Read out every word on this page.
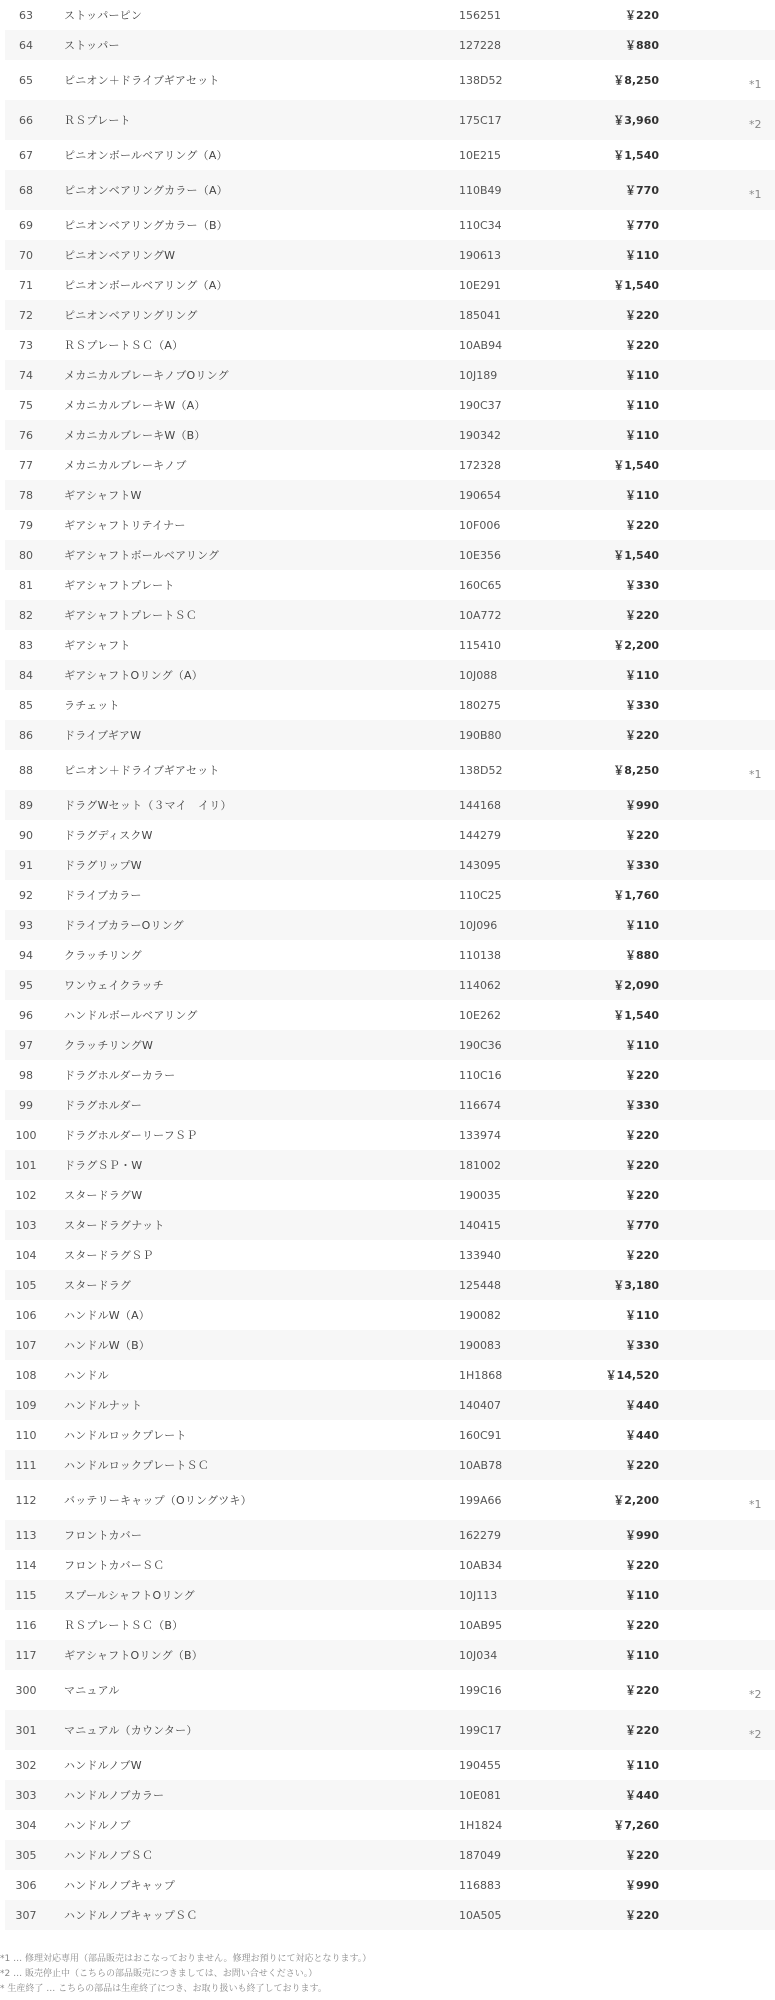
63	ストッパーピン	156251	￥220	
64	ストッパー	127228	￥880	
65	ピニオン＋ドライブギアセット	138D52	￥8,250	*1
66	ＲＳプレート	175C17	￥3,960	*2
67	ピニオンボールベアリング（A）	10E215	￥1,540	
68	ピニオンベアリングカラー（A）	110B49	￥770	*1
69	ピニオンベアリングカラー（B）	110C34	￥770	
70	ピニオンベアリングW	190613	￥110	
71	ピニオンボールベアリング（A）	10E291	￥1,540	
72	ピニオンベアリングリング	185041	￥220	
73	ＲＳプレートＳＣ（A）	10AB94	￥220	
74	メカニカルブレーキノブOリング	10J189	￥110	
75	メカニカルブレーキW（A）	190C37	￥110	
76	メカニカルブレーキW（B）	190342	￥110	
77	メカニカルブレーキノブ	172328	￥1,540	
78	ギアシャフトW	190654	￥110	
79	ギアシャフトリテイナー	10F006	￥220	
80	ギアシャフトボールベアリング	10E356	￥1,540	
81	ギアシャフトプレート	160C65	￥330	
82	ギアシャフトプレートＳＣ	10A772	￥220	
83	ギアシャフト	115410	￥2,200	
84	ギアシャフトOリング（A）	10J088	￥110	
85	ラチェット	180275	￥330	
86	ドライブギアW	190B80	￥220	
88	ピニオン＋ドライブギアセット	138D52	￥8,250	*1
89	ドラグWセット（３マイ　イリ）	144168	￥990	
90	ドラグディスクW	144279	￥220	
91	ドラグリップW	143095	￥330	
92	ドライブカラー	110C25	￥1,760	
93	ドライブカラーOリング	10J096	￥110	
94	クラッチリング	110138	￥880	
95	ワンウェイクラッチ	114062	￥2,090	
96	ハンドルボールベアリング	10E262	￥1,540	
97	クラッチリングW	190C36	￥110	
98	ドラグホルダーカラー	110C16	￥220	
99	ドラグホルダー	116674	￥330	
100	ドラグホルダーリーフＳＰ	133974	￥220	
101	ドラグＳＰ・W	181002	￥220	
102	スタードラグW	190035	￥220	
103	スタードラグナット	140415	￥770	
104	スタードラグＳＰ	133940	￥220	
105	スタードラグ	125448	￥3,180	
106	ハンドルW（A）	190082	￥110	
107	ハンドルW（B）	190083	￥330	
108	ハンドル	1H1868	￥14,520	
109	ハンドルナット	140407	￥440	
110	ハンドルロックプレート	160C91	￥440	
111	ハンドルロックプレートＳＣ	10AB78	￥220	
112	バッテリーキャップ（Oリングツキ）	199A66	￥2,200	*1
113	フロントカバー	162279	￥990	
114	フロントカバーＳＣ	10AB34	￥220	
115	スプールシャフトOリング	10J113	￥110	
116	ＲＳプレートＳＣ（B）	10AB95	￥220	
117	ギアシャフトOリング（B）	10J034	￥110	
300	マニュアル	199C16	￥220	*2
301	マニュアル（カウンター）	199C17	￥220	*2
302	ハンドルノブW	190455	￥110	
303	ハンドルノブカラー	10E081	￥440	
304	ハンドルノブ	1H1824	￥7,260	
305	ハンドルノブＳＣ	187049	￥220	
306	ハンドルノブキャップ	116883	￥990	
307	ハンドルノブキャップＳＣ	10A505	￥220	
*1 … 修理対応専用（部品販売はおこなっておりません。修理お預りにて対応となります。）
*2 … 販売停止中（こちらの部品販売につきましては、お問い合せください。）
* 生産終了 … こちらの部品は生産終了につき、お取り扱いも終了しております。
